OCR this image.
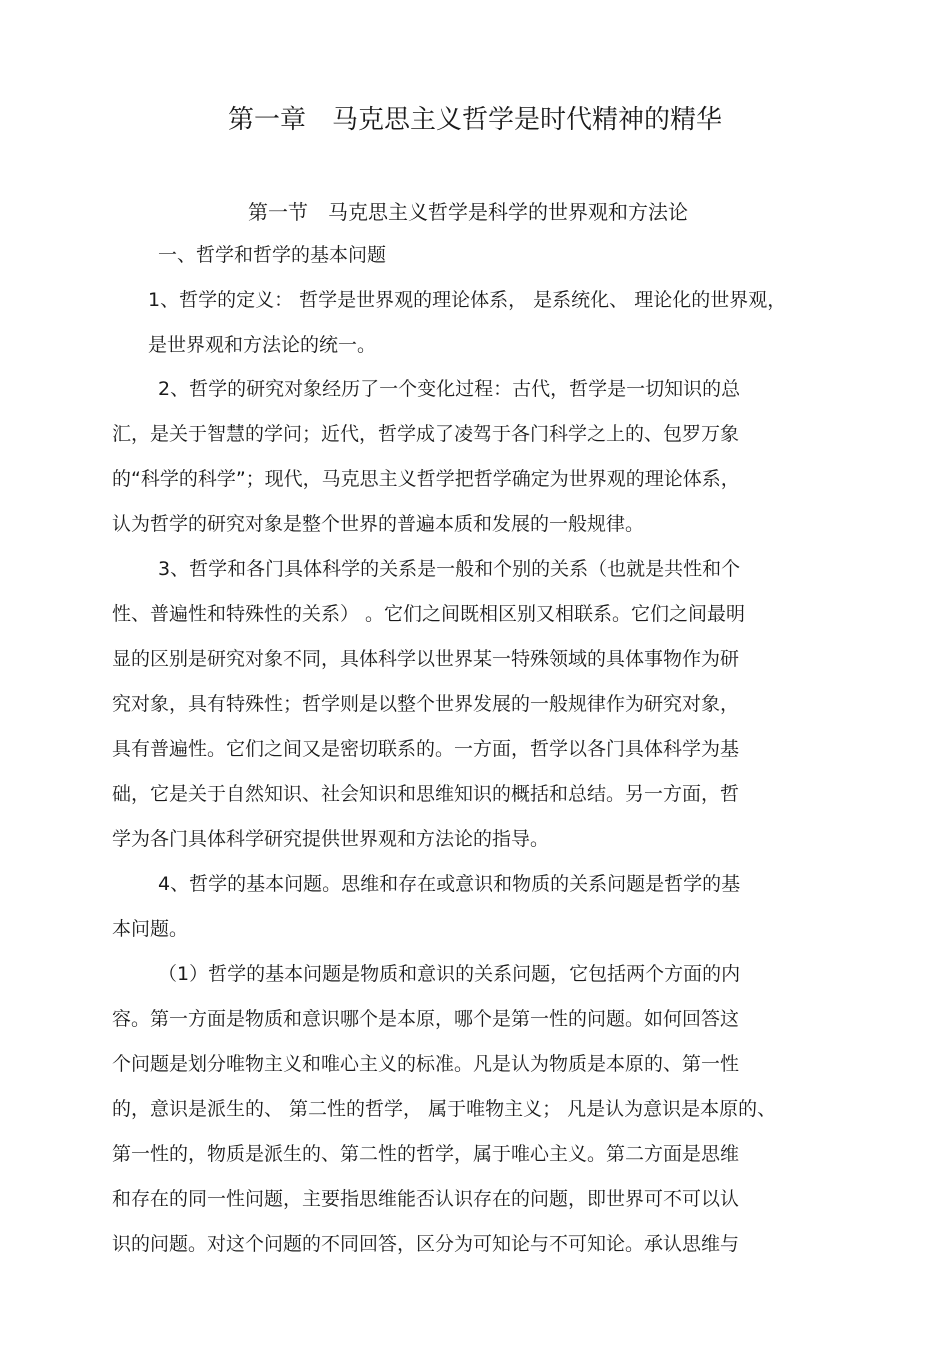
第一章　马克思主义哲学是时代精神的精华
第一节　马克思主义哲学是科学的世界观和方法论
一、哲学和哲学的基本问题
1、哲学的定义： 哲学是世界观的理论体系， 是系统化、 理论化的世界观，
是世界观和方法论的统一。
2、哲学的研究对象经历了一个变化过程：古代，哲学是一切知识的总
汇，是关于智慧的学问；近代，哲学成了凌驾于各门科学之上的、包罗万象
的“科学的科学”；现代，马克思主义哲学把哲学确定为世界观的理论体系，
认为哲学的研究对象是整个世界的普遍本质和发展的一般规律。
3、哲学和各门具体科学的关系是一般和个别的关系（也就是共性和个
性、普遍性和特殊性的关系） 。它们之间既相区别又相联系。它们之间最明
显的区别是研究对象不同，具体科学以世界某一特殊领域的具体事物作为研
究对象，具有特殊性；哲学则是以整个世界发展的一般规律作为研究对象，
具有普遍性。它们之间又是密切联系的。一方面，哲学以各门具体科学为基
础，它是关于自然知识、社会知识和思维知识的概括和总结。另一方面，哲
学为各门具体科学研究提供世界观和方法论的指导。
4、哲学的基本问题。思维和存在或意识和物质的关系问题是哲学的基
本问题。
（1）哲学的基本问题是物质和意识的关系问题，它包括两个方面的内
容。第一方面是物质和意识哪个是本原，哪个是第一性的问题。如何回答这
个问题是划分唯物主义和唯心主义的标准。凡是认为物质是本原的、第一性
的，意识是派生的、 第二性的哲学， 属于唯物主义； 凡是认为意识是本原的、
第一性的，物质是派生的、第二性的哲学，属于唯心主义。第二方面是思维
和存在的同一性问题，主要指思维能否认识存在的问题，即世界可不可以认
识的问题。对这个问题的不同回答，区分为可知论与不可知论。承认思维与
